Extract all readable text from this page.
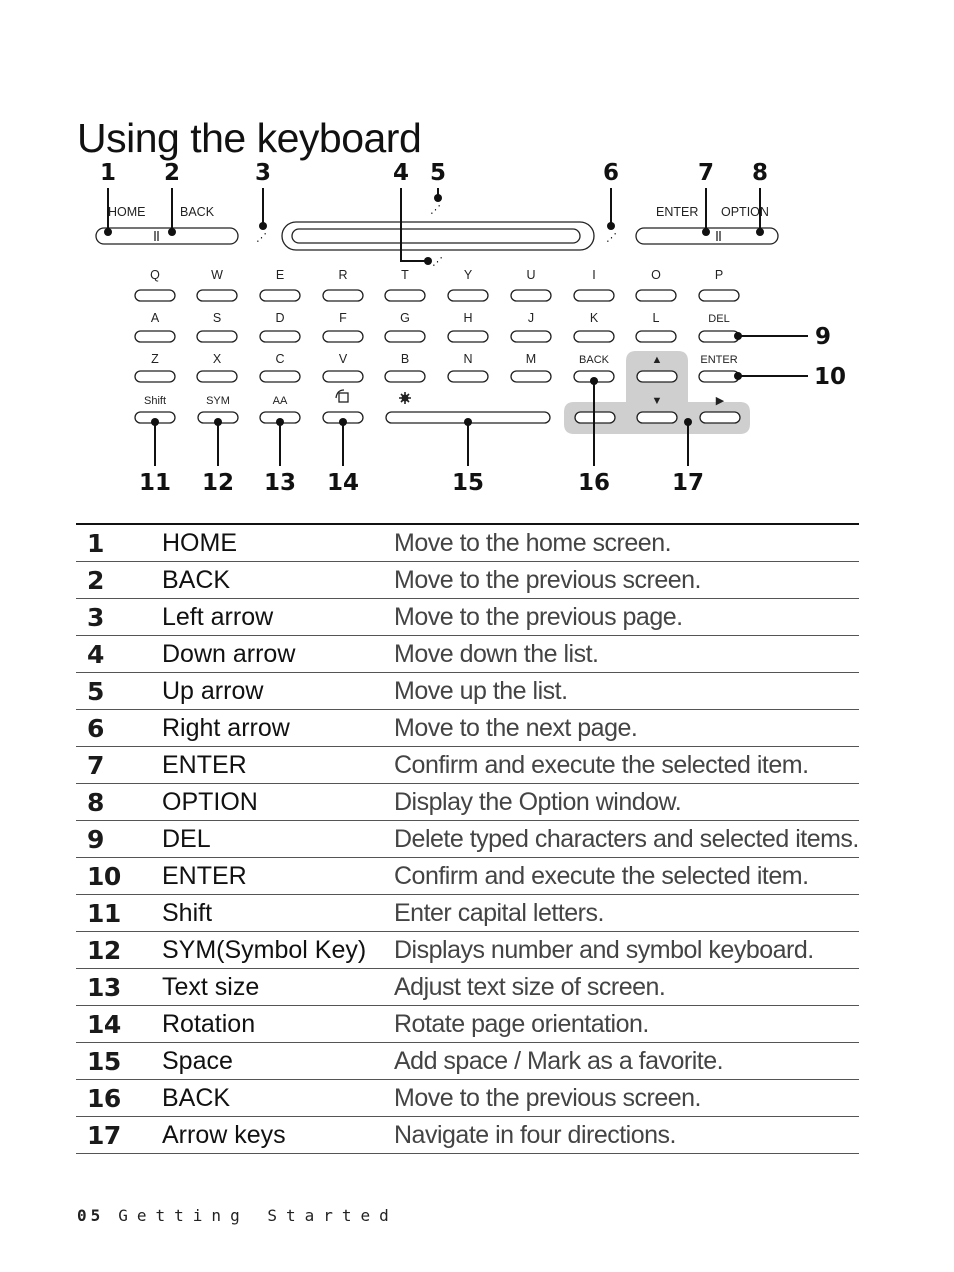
Using the keyboard
HOME	BACK
⋰
⋰
⋰
⋰
ENTER OPTION
Q	W	E	R	T	Y	U	I	O	P
A	S	D	F	G	H	J	K	L	DEL
Z	X	C	V	B	N	M	BACK	ENTER
Shift	SYM	AA	▼	▶
▲
1 2	3	4 5	6	7 8
9
10
11 12 13 14	15	16	17
1	HOME	Move to the home screen.
2	BACK	Move to the previous screen.
3	Left arrow	Move to the previous page.
4	Down arrow	Move down the list.
5	Up arrow	Move up the list.
6	Right arrow	Move to the next page.
7	ENTER	Confirm and execute the selected item.
8	OPTION	Display the Option window.
9	DEL	Delete typed characters and selected items.
10	ENTER	Confirm and execute the selected item.
11	Shift	Enter capital letters.
12	SYM(Symbol Key)	Displays number and symbol keyboard.
13	Text size	Adjust text size of screen.
14	Rotation	Rotate page orientation.
15	Space	Add space / Mark as a favorite.
16	BACK	Move to the previous screen.
17	Arrow keys	Navigate in four directions.
05 Getting Started
